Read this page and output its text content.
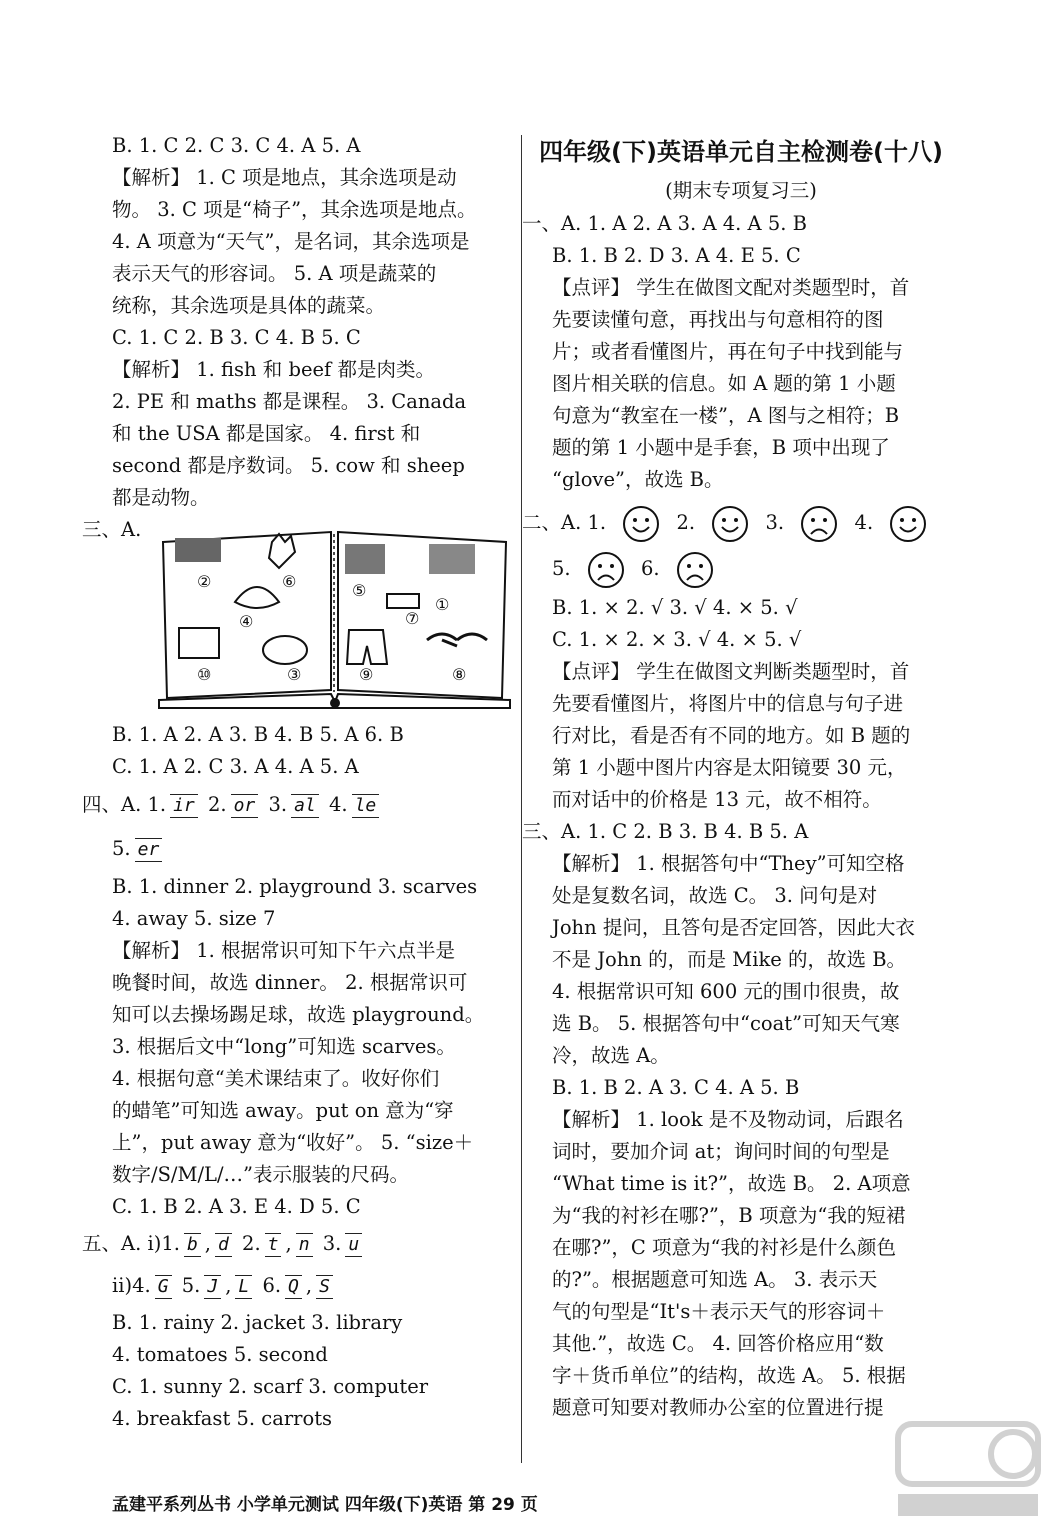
B. 1. C 2. C 3. C 4. A 5. A
【解析】 1. C 项是地点，其余选项是动
物。 3. C 项是“椅子”，其余选项是地点。
4. A 项意为“天气”，是名词，其余选项是
表示天气的形容词。 5. A 项是蔬菜的
统称，其余选项是具体的蔬菜。
C. 1. C 2. B 3. C 4. B 5. C
【解析】 1. fish 和 beef 都是肉类。
2. PE 和 maths 都是课程。 3. Canada
和 the USA 都是国家。 4. first 和
second 都是序数词。 5. cow 和 sheep
都是动物。
三、A.
B. 1. A 2. A 3. B 4. B 5. A 6. B
C. 1. A 2. C 3. A 4. A 5. A
四、A. 1. ir 2. or 3. al 4. le
5. er
B. 1. dinner 2. playground 3. scarves
4. away 5. size 7
【解析】 1. 根据常识可知下午六点半是
晚餐时间，故选 dinner。 2. 根据常识可
知可以去操场踢足球，故选 playground。
3. 根据后文中“long”可知选 scarves。
4. 根据句意“美术课结束了。收好你们
的蜡笔”可知选 away。put on 意为“穿
上”，put away 意为“收好”。 5. “size＋
数字/S/M/L/…”表示服装的尺码。
C. 1. B 2. A 3. E 4. D 5. C
五、A. i)1. b , d 2. t , n 3. u
ii)4. G 5. J , L 6. Q , S
B. 1. rainy 2. jacket 3. library
4. tomatoes 5. second
C. 1. sunny 2. scarf 3. computer
4. breakfast 5. carrots
②	⑥
④
⑤
⑦
①
⑩	③	⑨	⑧
四年级(下)英语单元自主检测卷(十八)
(期末专项复习三)
一、A. 1. A 2. A 3. A 4. A 5. B
B. 1. B 2. D 3. A 4. E 5. C
【点评】 学生在做图文配对类题型时，首
先要读懂句意，再找出与句意相符的图
片；或者看懂图片，再在句子中找到能与
图片相关联的信息。如 A 题的第 1 小题
句意为“教室在一楼”，A 图与之相符；B
题的第 1 小题中是手套，B 项中出现了
“glove”，故选 B。
二、A. 1.	2.	3.	4.
5.	6.
B. 1. × 2. √ 3. √ 4. × 5. √
C. 1. × 2. × 3. √ 4. × 5. √
【点评】 学生在做图文判断类题型时，首
先要看懂图片，将图片中的信息与句子进
行对比，看是否有不同的地方。如 B 题的
第 1 小题中图片内容是太阳镜要 30 元，
而对话中的价格是 13 元，故不相符。
三、A. 1. C 2. B 3. B 4. B 5. A
【解析】 1. 根据答句中“They”可知空格
处是复数名词，故选 C。 3. 问句是对
John 提问，且答句是否定回答，因此大衣
不是 John 的，而是 Mike 的，故选 B。
4. 根据常识可知 600 元的围巾很贵，故
选 B。 5. 根据答句中“coat”可知天气寒
冷，故选 A。
B. 1. B 2. A 3. C 4. A 5. B
【解析】 1. look 是不及物动词，后跟名
词时，要加介词 at；询问时间的句型是
“What time is it?”，故选 B。 2. A项意
为“我的衬衫在哪?”，B 项意为“我的短裙
在哪?”，C 项意为“我的衬衫是什么颜色
的?”。根据题意可知选 A。 3. 表示天
气的句型是“It's＋表示天气的形容词＋
其他.”，故选 C。 4. 回答价格应用“数
字＋货币单位”的结构，故选 A。 5. 根据
题意可知要对教师办公室的位置进行提
孟建平系列丛书 小学单元测试 四年级(下)英语 第 29 页
